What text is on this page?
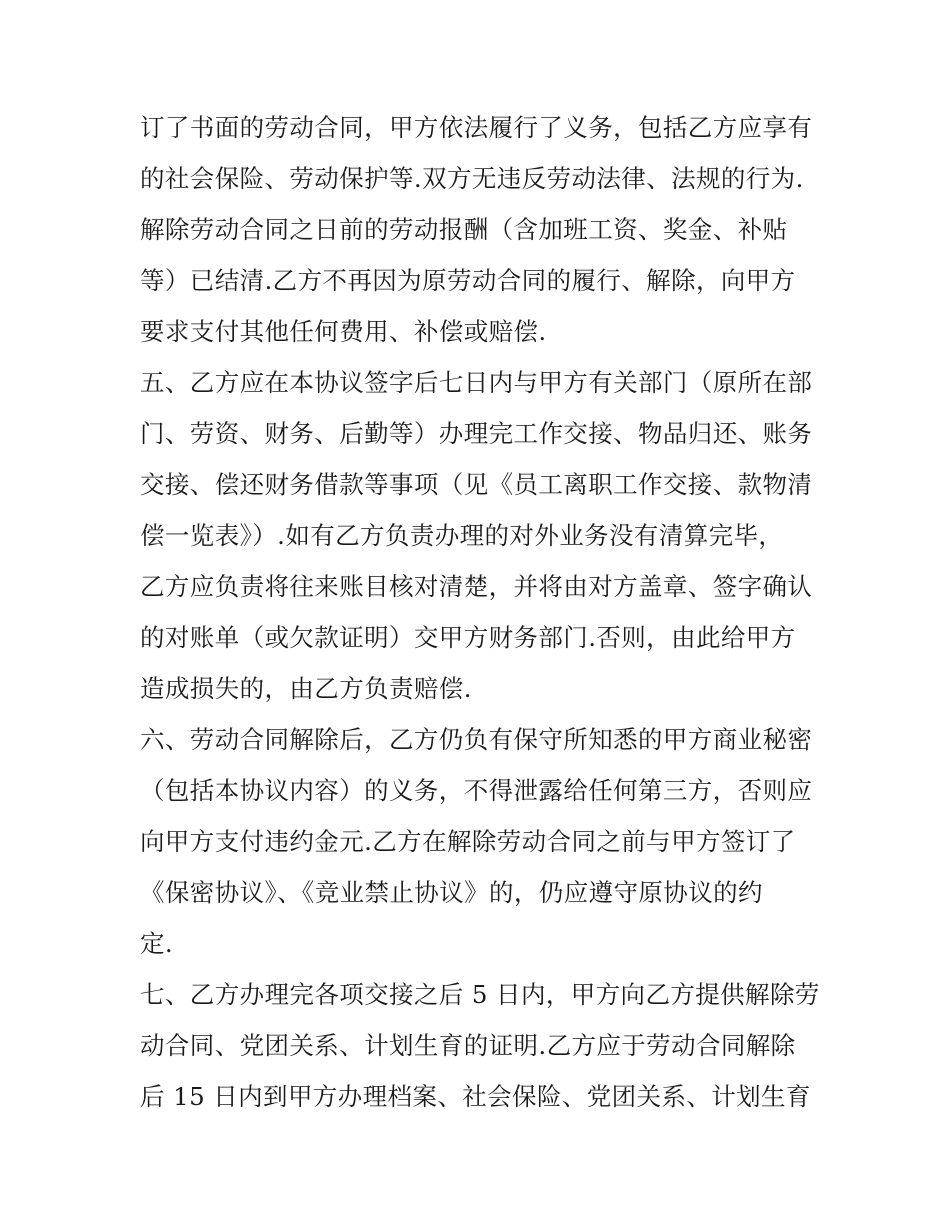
订了书面的劳动合同，甲方依法履行了义务，包括乙方应享有
的社会保险、劳动保护等.双方无违反劳动法律、法规的行为.
解除劳动合同之日前的劳动报酬（含加班工资、奖金、补贴
等）已结清.乙方不再因为原劳动合同的履行、解除，向甲方
要求支付其他任何费用、补偿或赔偿.
五、乙方应在本协议签字后七日内与甲方有关部门（原所在部
门、劳资、财务、后勤等）办理完工作交接、物品归还、账务
交接、偿还财务借款等事项（见《员工离职工作交接、款物清
偿一览表》）.如有乙方负责办理的对外业务没有清算完毕，
乙方应负责将往来账目核对清楚，并将由对方盖章、签字确认
的对账单（或欠款证明）交甲方财务部门.否则，由此给甲方
造成损失的，由乙方负责赔偿.
六、劳动合同解除后，乙方仍负有保守所知悉的甲方商业秘密
（包括本协议内容）的义务，不得泄露给任何第三方，否则应
向甲方支付违约金元.乙方在解除劳动合同之前与甲方签订了
《保密协议》、《竞业禁止协议》的，仍应遵守原协议的约
定.
七、乙方办理完各项交接之后 5 日内，甲方向乙方提供解除劳
动合同、党团关系、计划生育的证明.乙方应于劳动合同解除
后 15 日内到甲方办理档案、社会保险、党团关系、计划生育
